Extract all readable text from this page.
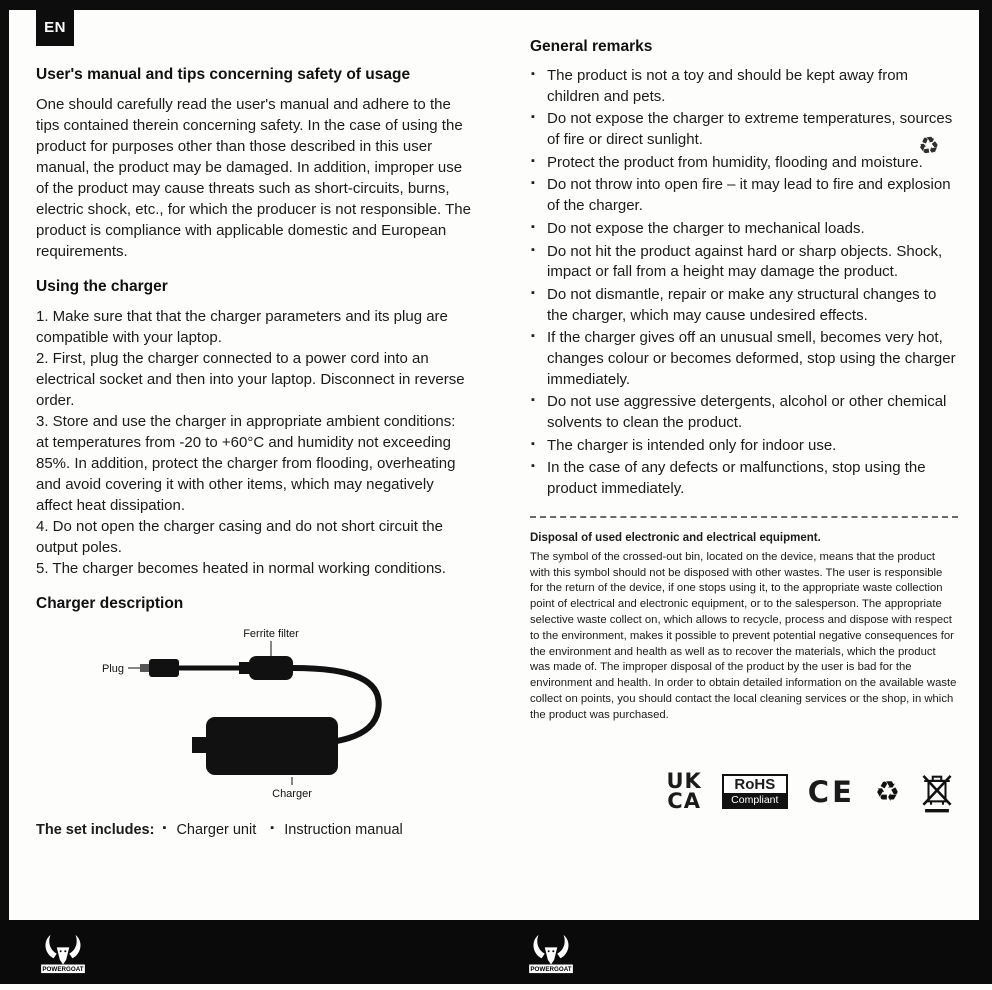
EN
♻
User's manual and tips concerning safety of usage

One should carefully read the user's manual and adhere to the tips contained therein concerning safety. In the case of using the product for purposes other than those described in this user manual, the product may be damaged. In addition, improper use of the product may cause threats such as short-circuits, burns, electric shock, etc., for which the producer is not responsible. The product is compliance with applicable domestic and European requirements.

Using the charger
1. Make sure that that the charger parameters and its plug are compatible with your laptop.
2. First, plug the charger connected to a power cord into an electrical socket and then into your laptop. Disconnect in reverse order.
3. Store and use the charger in appropriate ambient conditions: at temperatures from -20 to +60°C and humidity not exceeding 85%. In addition, protect the charger from flooding, overheating and avoid covering it with other items, which may negatively affect heat dissipation.
4. Do not open the charger casing and do not short circuit the output poles.
5. The charger becomes heated in normal working conditions.
Charger description
Ferrite filter
Plug
Charger
The set includes:	▪ Charger unit	▪ Instruction manual
General remarks
▪ The product is not a toy and should be kept away from children and pets.
▪ Do not expose the charger to extreme temperatures, sources of fire or direct sunlight.
▪ Protect the product from humidity, flooding and moisture.
▪ Do not throw into open fire – it may lead to fire and explosion of the charger.
▪ Do not expose the charger to mechanical loads.
▪ Do not hit the product against hard or sharp objects. Shock, impact or fall from a height may damage the product.
▪ Do not dismantle, repair or make any structural changes to the charger, which may cause undesired effects.
▪ If the charger gives off an unusual smell, becomes very hot, changes colour or becomes deformed, stop using the charger immediately.
▪ Do not use aggressive detergents, alcohol or other chemical solvents to clean the product.
▪ The charger is intended only for indoor use.
▪ In the case of any defects or malfunctions, stop using the product immediately.
Disposal of used electronic and electrical equipment.

The symbol of the crossed-out bin, located on the device, means that the product with this symbol should not be disposed with other wastes. The user is responsible for the return of the device, if one stops using it, to the appropriate waste collection point of electrical and electronic equipment, or to the salesperson. The appropriate selective waste collect on, which allows to recycle, process and dispose with respect to the environment, makes it possible to prevent potential negative consequences for the environment and health as well as to recover the materials, which the product was made of. The improper disposal of the product by the user is bad for the environment and health. In order to obtain detailed information on the available waste collect on points, you should contact the local cleaning services or the shop, in which the product was purchased.

UK
CA
RoHS
Compliant CE ♻
POWERGOAT	POWERGOAT
